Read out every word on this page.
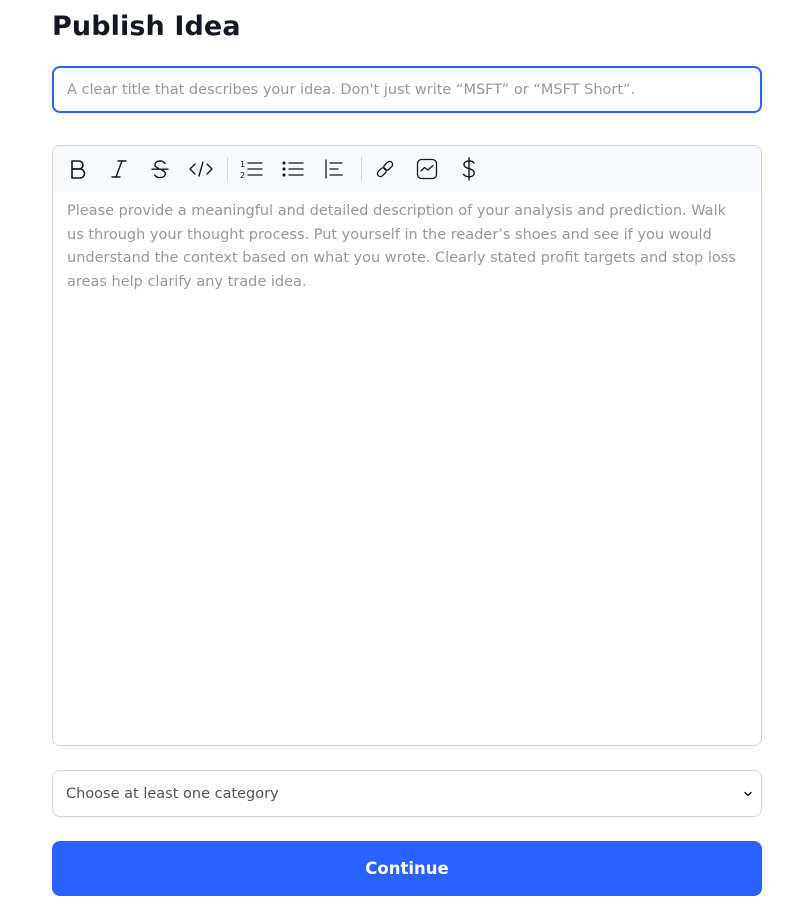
Publish Idea
A clear title that describes your idea. Don't just write “MSFT” or “MSFT Short”.
1
2
Please provide a meaningful and detailed description of your analysis and prediction. Walk us through your thought process. Put yourself in the reader’s shoes and see if you would understand the context based on what you wrote. Clearly stated profit targets and stop loss areas help clarify any trade idea.
Choose at least one category
Continue
